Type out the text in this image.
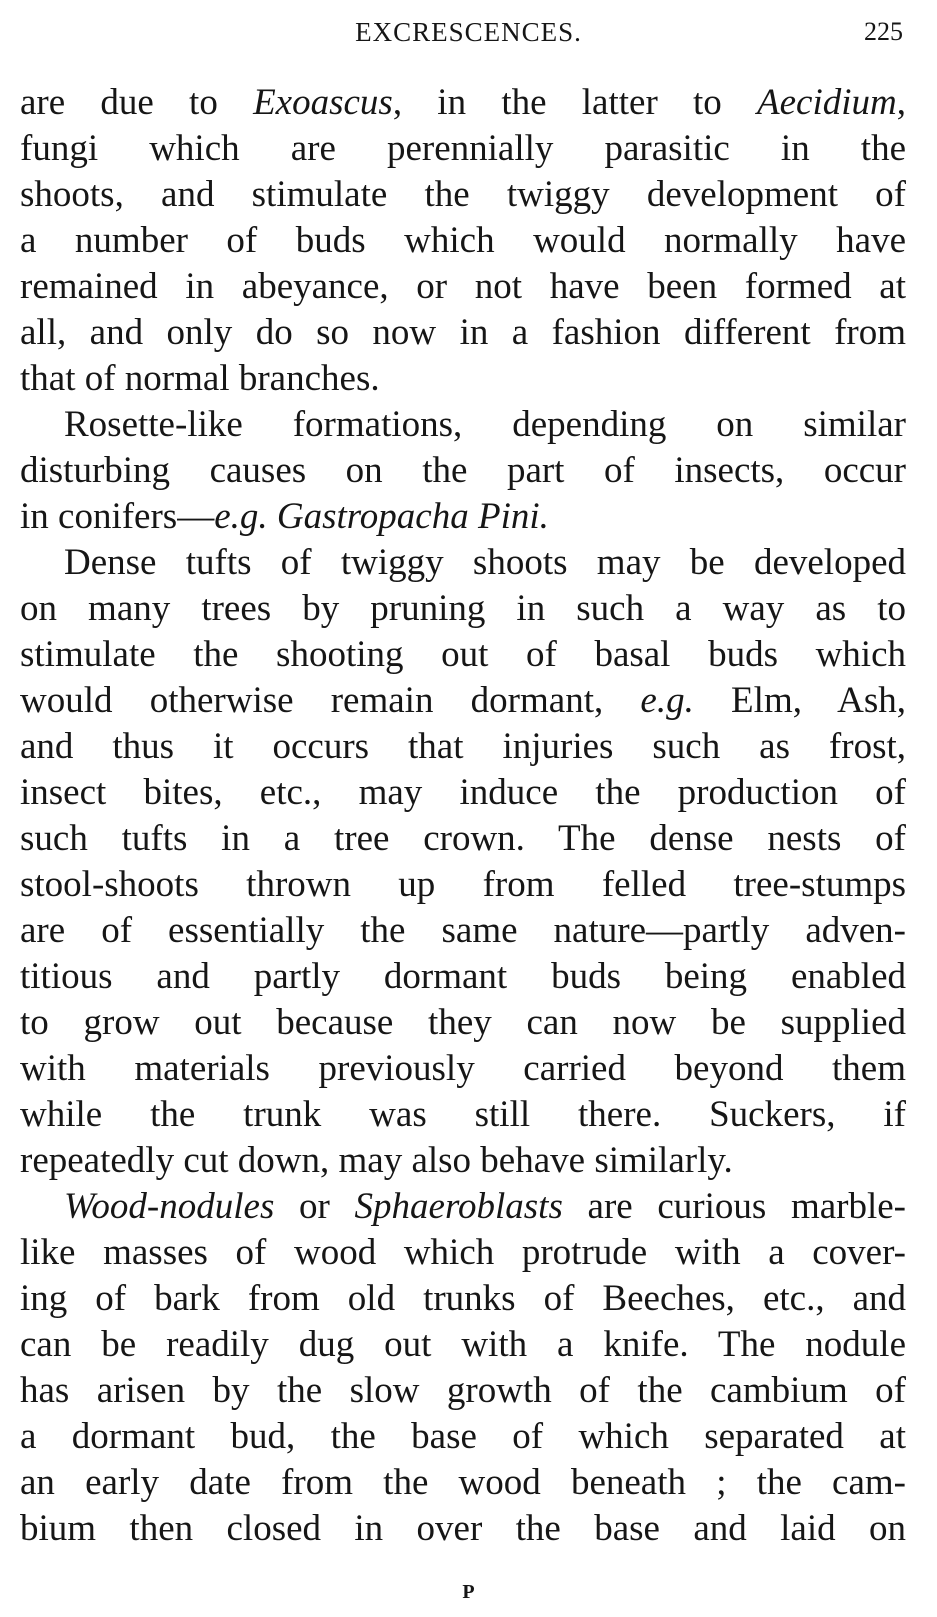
EXCRESCENCES.	225
are due to Exoascus, in the latter to Aecidium,
fungi which are perennially parasitic in the
shoots, and stimulate the twiggy development of
a number of buds which would normally have
remained in abeyance, or not have been formed at
all, and only do so now in a fashion different from
that of normal branches.
Rosette-like formations, depending on similar
disturbing causes on the part of insects, occur
in conifers—e.g. Gastropacha Pini.
Dense tufts of twiggy shoots may be developed
on many trees by pruning in such a way as to
stimulate the shooting out of basal buds which
would otherwise remain dormant, e.g. Elm, Ash,
and thus it occurs that injuries such as frost,
insect bites, etc., may induce the production of
such tufts in a tree crown. The dense nests of
stool-shoots thrown up from felled tree-stumps
are of essentially the same nature—partly adven-
titious and partly dormant buds being enabled
to grow out because they can now be supplied
with materials previously carried beyond them
while the trunk was still there. Suckers, if
repeatedly cut down, may also behave similarly.
Wood-nodules or Sphaeroblasts are curious marble-
like masses of wood which protrude with a cover-
ing of bark from old trunks of Beeches, etc., and
can be readily dug out with a knife. The nodule
has arisen by the slow growth of the cambium of
a dormant bud, the base of which separated at
an early date from the wood beneath ; the cam-
bium then closed in over the base and laid on
P
